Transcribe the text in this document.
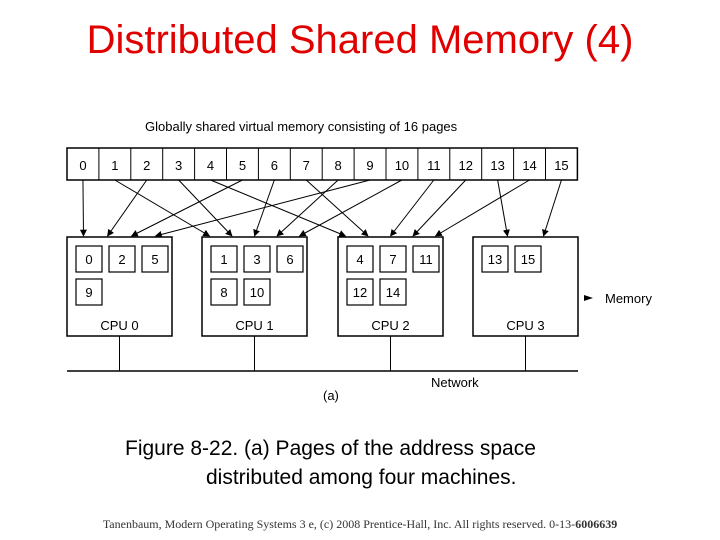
Distributed Shared Memory (4)
Globally shared virtual memory consisting of 16 pages
0 1 2 3 4 5 6 7 8 9 10 11 12 13 14 15
0 2 5
9
CPU 0
1 3 6
8 10
CPU 1
4 7 11
12 14
CPU 2
13 15
CPU 3
Memory
Network
(a)
Figure 8-22. (a) Pages of the address space
distributed among four machines.
Tanenbaum, Modern Operating Systems 3 e, (c) 2008 Prentice-Hall, Inc. All rights reserved. 0-13-6006639
